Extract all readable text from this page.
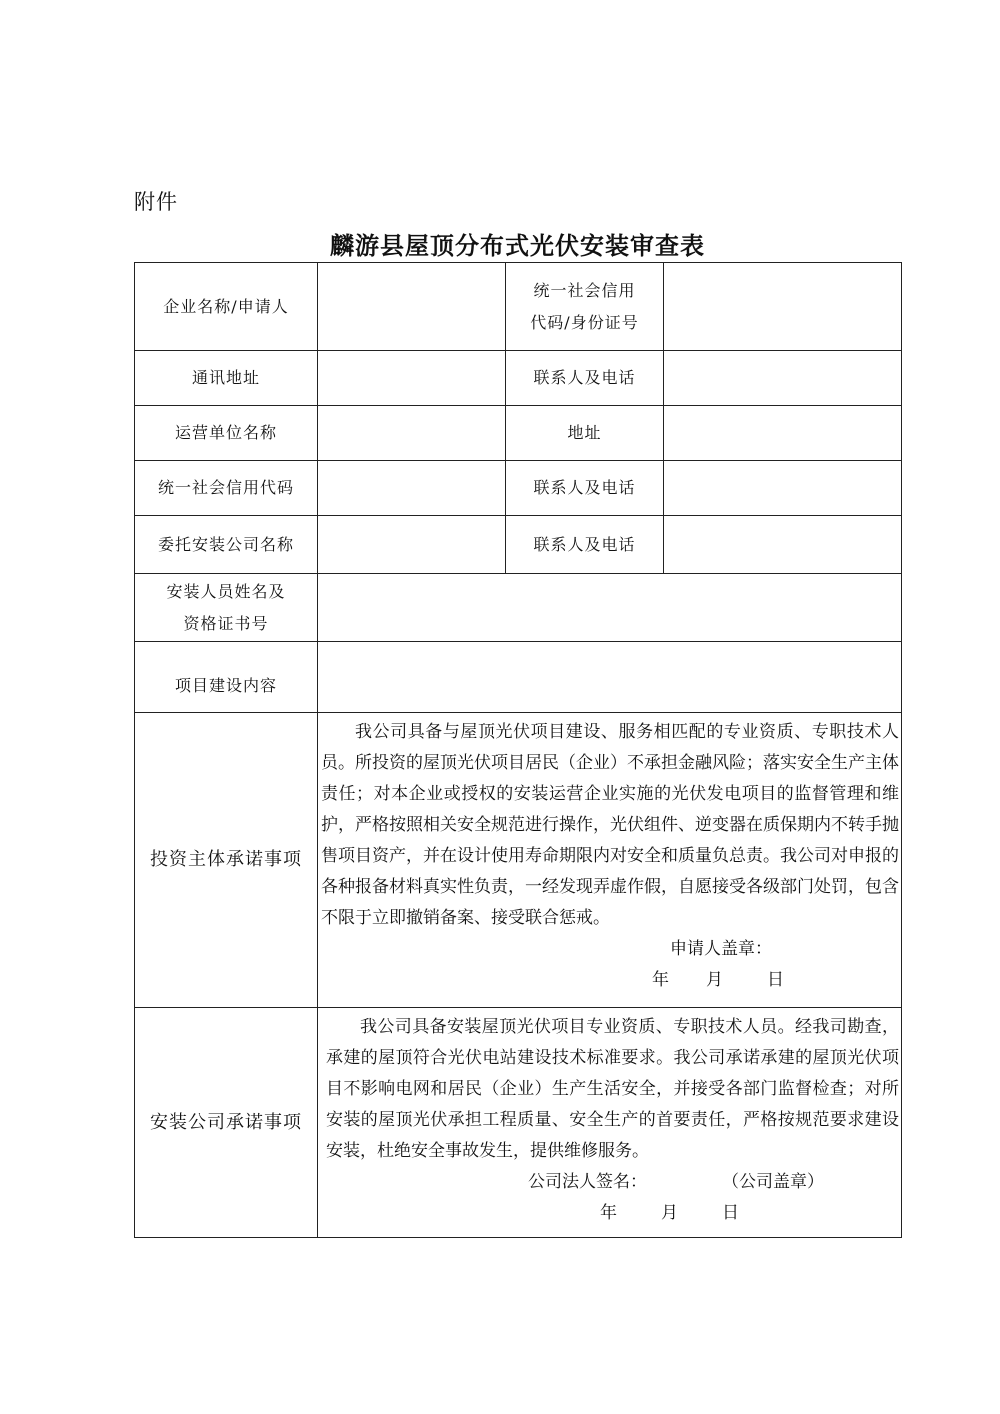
附件
麟游县屋顶分布式光伏安装审查表
企业名称/申请人		统一社会信用
代码/身份证号	

通讯地址		联系人及电话	
运营单位名称		地址	
统一社会信用代码		联系人及电话	
委托安装公司名称		联系人及电话	

安装人员姓名及
资格证书号			

项目建设内容			
投资主体承诺事项	我公司具备与屋顶光伏项目建设、服务相匹配的专业资质、专职技术人员。所投资的屋顶光伏项目居民（企业）不承担金融风险；落实安全生产主体责任；对本企业或授权的安装运营企业实施的光伏发电项目的监督管理和维护，严格按照相关安全规范进行操作，光伏组件、逆变器在质保期内不转手抛售项目资产，并在设计使用寿命期限内对安全和质量负总责。我公司对申报的各种报备材料真实性负责，一经发现弄虚作假，自愿接受各级部门处罚，包含不限于立即撤销备案、接受联合惩戒。

申请人盖章：
年 月 日		

安装公司承诺事项	我公司具备安装屋顶光伏项目专业资质、专职技术人员。经我司勘查，承建的屋顶符合光伏电站建设技术标准要求。我公司承诺承建的屋顶光伏项目不影响电网和居民（企业）生产生活安全，并接受各部门监督检查；对所安装的屋顶光伏承担工程质量、安全生产的首要责任，严格按规范要求建设安装，杜绝安全事故发生，提供维修服务。

公司法人签名： （公司盖章）
年 月 日		
